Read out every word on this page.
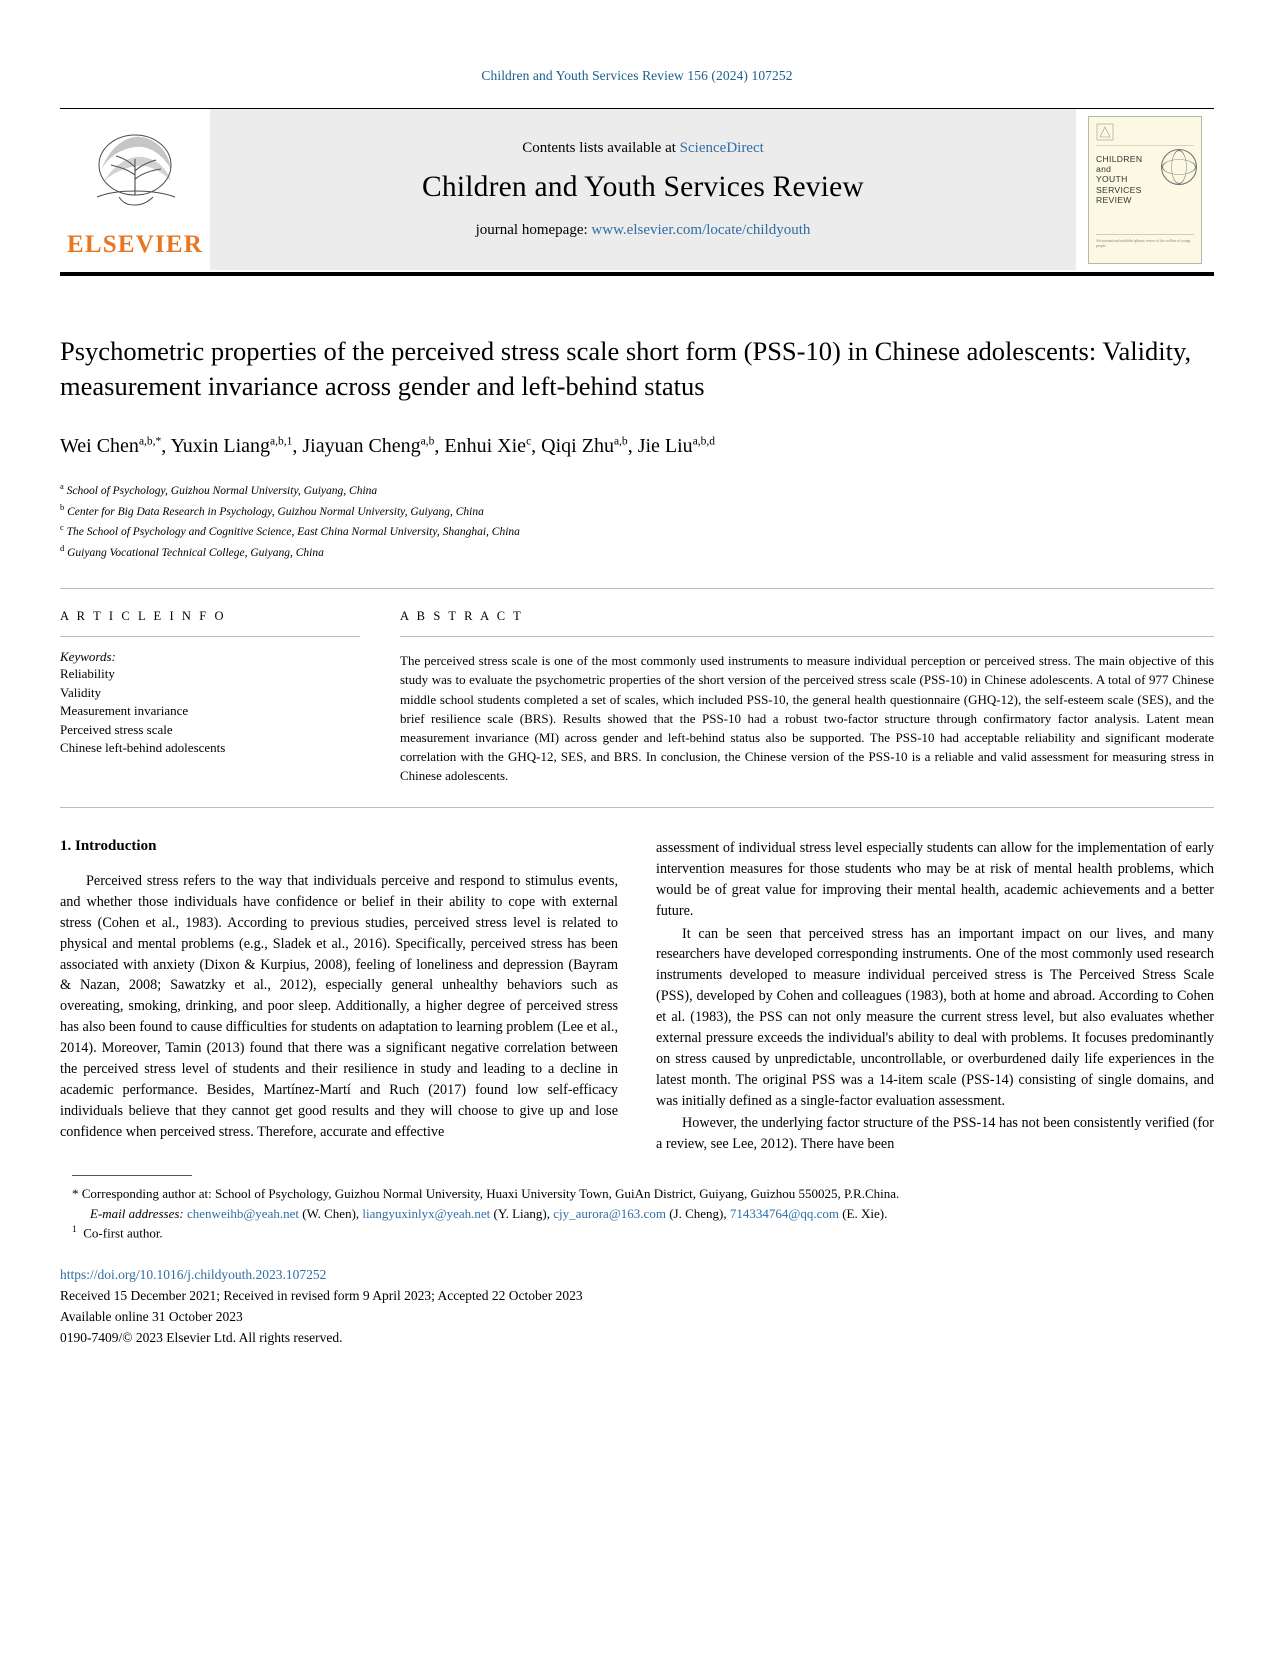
Children and Youth Services Review 156 (2024) 107252
ELSEVIER
Contents lists available at ScienceDirect
Children and Youth Services Review
journal homepage: www.elsevier.com/locate/childyouth
CHILDREN
and
YOUTH
SERVICES
REVIEW
An international multidisciplinary review of the welfare of young people
Psychometric properties of the perceived stress scale short form (PSS-10) in Chinese adolescents: Validity, measurement invariance across gender and left-behind status
Wei Chen$^{a,b,*}$, Yuxin Liang$^{a,b,1}$, Jiayuan Cheng$^{a,b}$, Enhui Xie$^c$, Qiqi Zhu$^{a,b}$, Jie Liu$^{a,b,d}$
$^a$ School of Psychology, Guizhou Normal University, Guiyang, China
$^b$ Center for Big Data Research in Psychology, Guizhou Normal University, Guiyang, China
$^c$ The School of Psychology and Cognitive Science, East China Normal University, Shanghai, China
$^d$ Guiyang Vocational Technical College, Guiyang, China
A R T I C L E I N F O
Keywords:
Reliability
Validity
Measurement invariance
Perceived stress scale
Chinese left-behind adolescents
A B S T R A C T
The perceived stress scale is one of the most commonly used instruments to measure individual perception or perceived stress. The main objective of this study was to evaluate the psychometric properties of the short version of the perceived stress scale (PSS-10) in Chinese adolescents. A total of 977 Chinese middle school students completed a set of scales, which included PSS-10, the general health questionnaire (GHQ-12), the self-esteem scale (SES), and the brief resilience scale (BRS). Results showed that the PSS-10 had a robust two-factor structure through confirmatory factor analysis. Latent mean measurement invariance (MI) across gender and left-behind status also be supported. The PSS-10 had acceptable reliability and significant moderate correlation with the GHQ-12, SES, and BRS. In conclusion, the Chinese version of the PSS-10 is a reliable and valid assessment for measuring stress in Chinese adolescents.
1. Introduction

Perceived stress refers to the way that individuals perceive and respond to stimulus events, and whether those individuals have confidence or belief in their ability to cope with external stress (Cohen et al., 1983). According to previous studies, perceived stress level is related to physical and mental problems (e.g., Sladek et al., 2016). Specifically, perceived stress has been associated with anxiety (Dixon & Kurpius, 2008), feeling of loneliness and depression (Bayram & Nazan, 2008; Sawatzky et al., 2012), especially general unhealthy behaviors such as overeating, smoking, drinking, and poor sleep. Additionally, a higher degree of perceived stress has also been found to cause difficulties for students on adaptation to learning problem (Lee et al., 2014). Moreover, Tamin (2013) found that there was a significant negative correlation between the perceived stress level of students and their resilience in study and leading to a decline in academic performance. Besides, Martínez-Martí and Ruch (2017) found low self-efficacy individuals believe that they cannot get good results and they will choose to give up and lose confidence when perceived stress. Therefore, accurate and effective

assessment of individual stress level especially students can allow for the implementation of early intervention measures for those students who may be at risk of mental health problems, which would be of great value for improving their mental health, academic achievements and a better future.

It can be seen that perceived stress has an important impact on our lives, and many researchers have developed corresponding instruments. One of the most commonly used research instruments developed to measure individual perceived stress is The Perceived Stress Scale (PSS), developed by Cohen and colleagues (1983), both at home and abroad. According to Cohen et al. (1983), the PSS can not only measure the current stress level, but also evaluates whether external pressure exceeds the individual's ability to deal with problems. It focuses predominantly on stress caused by unpredictable, uncontrollable, or overburdened daily life experiences in the latest month. The original PSS was a 14-item scale (PSS-14) consisting of single domains, and was initially defined as a single-factor evaluation assessment.

However, the underlying factor structure of the PSS-14 has not been consistently verified (for a review, see Lee, 2012). There have been

* Corresponding author at: School of Psychology, Guizhou Normal University, Huaxi University Town, GuiAn District, Guiyang, Guizhou 550025, P.R.China.
E-mail addresses: chenweihb@yeah.net (W. Chen), liangyuxinlyx@yeah.net (Y. Liang), cjy_aurora@163.com (J. Cheng), 714334764@qq.com (E. Xie).
$^1$ Co-first author.
https://doi.org/10.1016/j.childyouth.2023.107252
Received 15 December 2021; Received in revised form 9 April 2023; Accepted 22 October 2023
Available online 31 October 2023
0190-7409/© 2023 Elsevier Ltd. All rights reserved.
